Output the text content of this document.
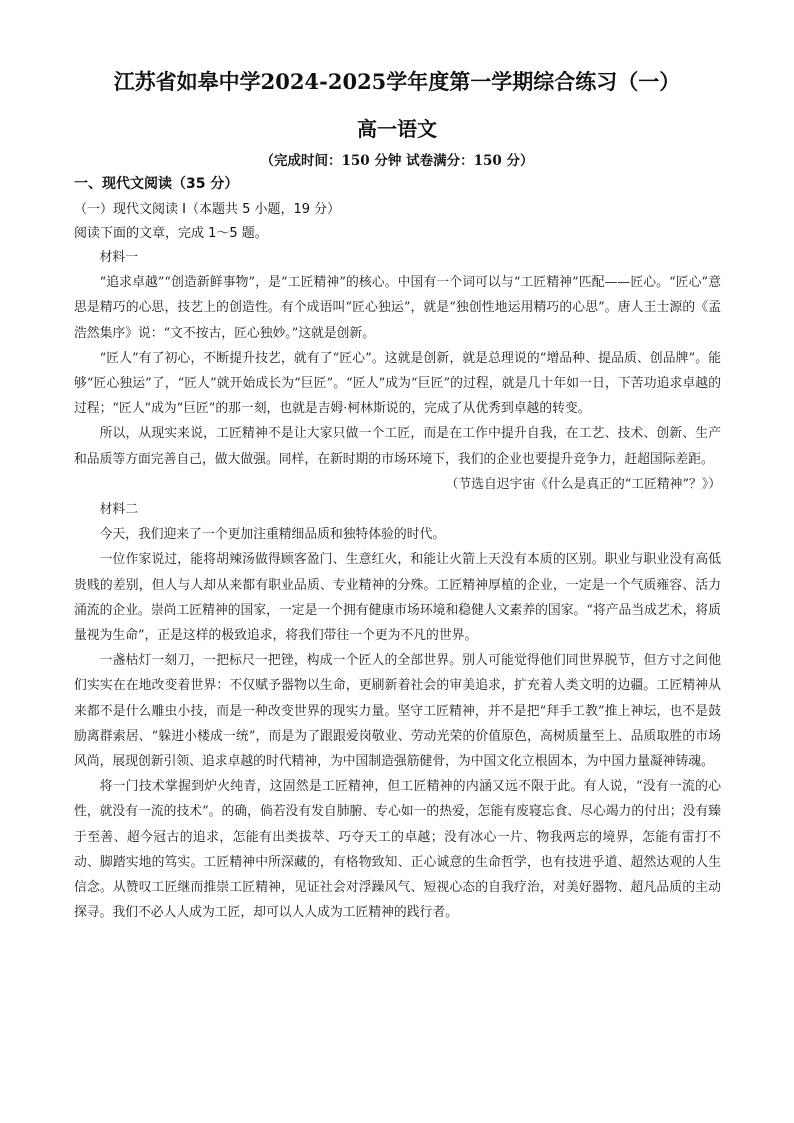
江苏省如皋中学2024-2025学年度第一学期综合练习（一）
高一语文
（完成时间：150 分钟 试卷满分：150 分）
一、现代文阅读（35 分）
（一）现代文阅读 I（本题共 5 小题，19 分）
阅读下面的文章，完成 1～5 题。

材料一

“追求卓越”“创造新鲜事物”，是“工匠精神”的核心。中国有一个词可以与“工匠精神”匹配——匠心。“匠心”意思是精巧的心思，技艺上的创造性。有个成语叫“匠心独运”，就是“独创性地运用精巧的心思”。唐人王士源的《孟浩然集序》说：“文不按古，匠心独妙。”这就是创新。

“匠人”有了初心，不断提升技艺，就有了“匠心”。这就是创新，就是总理说的“增品种、提品质、创品牌”。能够“匠心独运”了，“匠人”就开始成长为“巨匠”。“匠人”成为“巨匠”的过程，就是几十年如一日，下苦功追求卓越的过程；“匠人”成为“巨匠”的那一刻，也就是吉姆·柯林斯说的，完成了从优秀到卓越的转变。

所以，从现实来说，工匠精神不是让大家只做一个工匠，而是在工作中提升自我，在工艺、技术、创新、生产和品质等方面完善自己，做大做强。同样，在新时期的市场环境下，我们的企业也要提升竞争力，赶超国际差距。

（节选自迟宇宙《什么是真正的“工匠精神”？》）

材料二

今天，我们迎来了一个更加注重精细品质和独特体验的时代。

一位作家说过，能将胡辣汤做得顾客盈门、生意红火，和能让火箭上天没有本质的区别。职业与职业没有高低贵贱的差别，但人与人却从来都有职业品质、专业精神的分殊。工匠精神厚植的企业，一定是一个气质雍容、活力涌流的企业。崇尚工匠精神的国家，一定是一个拥有健康市场环境和稳健人文素养的国家。“将产品当成艺术，将质量视为生命”，正是这样的极致追求，将我们带往一个更为不凡的世界。

一盏枯灯一刻刀，一把标尺一把锉，构成一个匠人的全部世界。别人可能觉得他们同世界脱节，但方寸之间他们实实在在地改变着世界：不仅赋予器物以生命，更刷新着社会的审美追求，扩充着人类文明的边疆。工匠精神从来都不是什么雕虫小技，而是一种改变世界的现实力量。坚守工匠精神，并不是把“拜手工教”推上神坛，也不是鼓励离群索居、“躲进小楼成一统”，而是为了跟跟爱岗敬业、劳动光荣的价值原色，高树质量至上、品质取胜的市场风尚，展现创新引领、追求卓越的时代精神，为中国制造强筋健骨，为中国文化立根固本，为中国力量凝神铸魂。

将一门技术掌握到炉火纯青，这固然是工匠精神，但工匠精神的内涵又远不限于此。有人说，“没有一流的心性，就没有一流的技术”。的确，倘若没有发自肺腑、专心如一的热爱，怎能有废寝忘食、尽心竭力的付出；没有臻于至善、超今冠古的追求，怎能有出类拔萃、巧夺天工的卓越；没有冰心一片、物我两忘的境界，怎能有雷打不动、脚踏实地的笃实。工匠精神中所深藏的，有格物致知、正心诚意的生命哲学，也有技进乎道、超然达观的人生信念。从赞叹工匠继而推崇工匠精神，见证社会对浮躁风气、短视心态的自我疗治，对美好器物、超凡品质的主动探寻。我们不必人人成为工匠，却可以人人成为工匠精神的践行者。
